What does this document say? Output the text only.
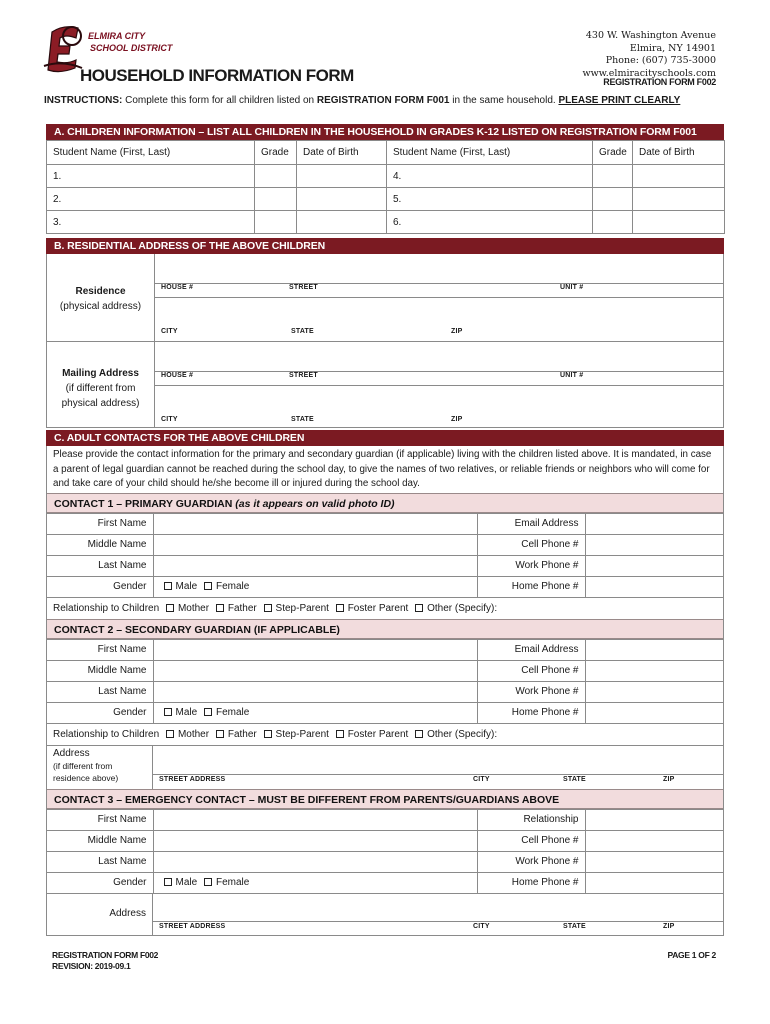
ELMIRA CITY
SCHOOL DISTRICT
HOUSEHOLD INFORMATION FORM
430 W. Washington Avenue
Elmira, NY 14901
Phone: (607) 735-3000
www.elmiracityschools.com
REGISTRATION FORM F002
INSTRUCTIONS: Complete this form for all children listed on REGISTRATION FORM F001 in the same household. PLEASE PRINT CLEARLY
A. CHILDREN INFORMATION – LIST ALL CHILDREN IN THE HOUSEHOLD IN GRADES K-12 LISTED ON REGISTRATION FORM F001
Student Name (First, Last)	Grade	Date of Birth	Student Name (First, Last)	Grade	Date of Birth
1.			4.		
2.			5.		
3.			6.		
B. RESIDENTIAL ADDRESS OF THE ABOVE CHILDREN
Residence
(physical address)
HOUSE #	STREET	UNIT #
CITY	STATE	ZIP
Mailing Address
(if different from
physical address)
HOUSE #	STREET	UNIT #
CITY	STATE	ZIP
C. ADULT CONTACTS FOR THE ABOVE CHILDREN
Please provide the contact information for the primary and secondary guardian (if applicable) living with the children listed above. It is mandated, in case a parent of legal guardian cannot be reached during the school day, to give the names of two relatives, or reliable friends or neighbors who will come for and take care of your child should he/she become ill or injured during the school day.
CONTACT 1 – PRIMARY GUARDIAN (as it appears on valid photo ID)
First Name		Email Address	
Middle Name		Cell Phone #	
Last Name		Work Phone #	
Gender	Male Female	Home Phone #	
Relationship to Children Mother Father Step-Parent Foster Parent Other (Specify):
CONTACT 2 – SECONDARY GUARDIAN (IF APPLICABLE)
First Name		Email Address	
Middle Name		Cell Phone #	
Last Name		Work Phone #	
Gender	Male Female	Home Phone #	
Relationship to Children Mother Father Step-Parent Foster Parent Other (Specify):
Address
(if different from
residence above)	STREET ADDRESS	CITY	STATE	ZIP
CONTACT 3 – EMERGENCY CONTACT – MUST BE DIFFERENT FROM PARENTS/GUARDIANS ABOVE
First Name		Relationship	
Middle Name		Cell Phone #	
Last Name		Work Phone #	
Gender	Male Female	Home Phone #	
Address
STREET ADDRESS	CITY	STATE	ZIP
REGISTRATION FORM F002
REVISION: 2019-09.1
PAGE 1 OF 2
